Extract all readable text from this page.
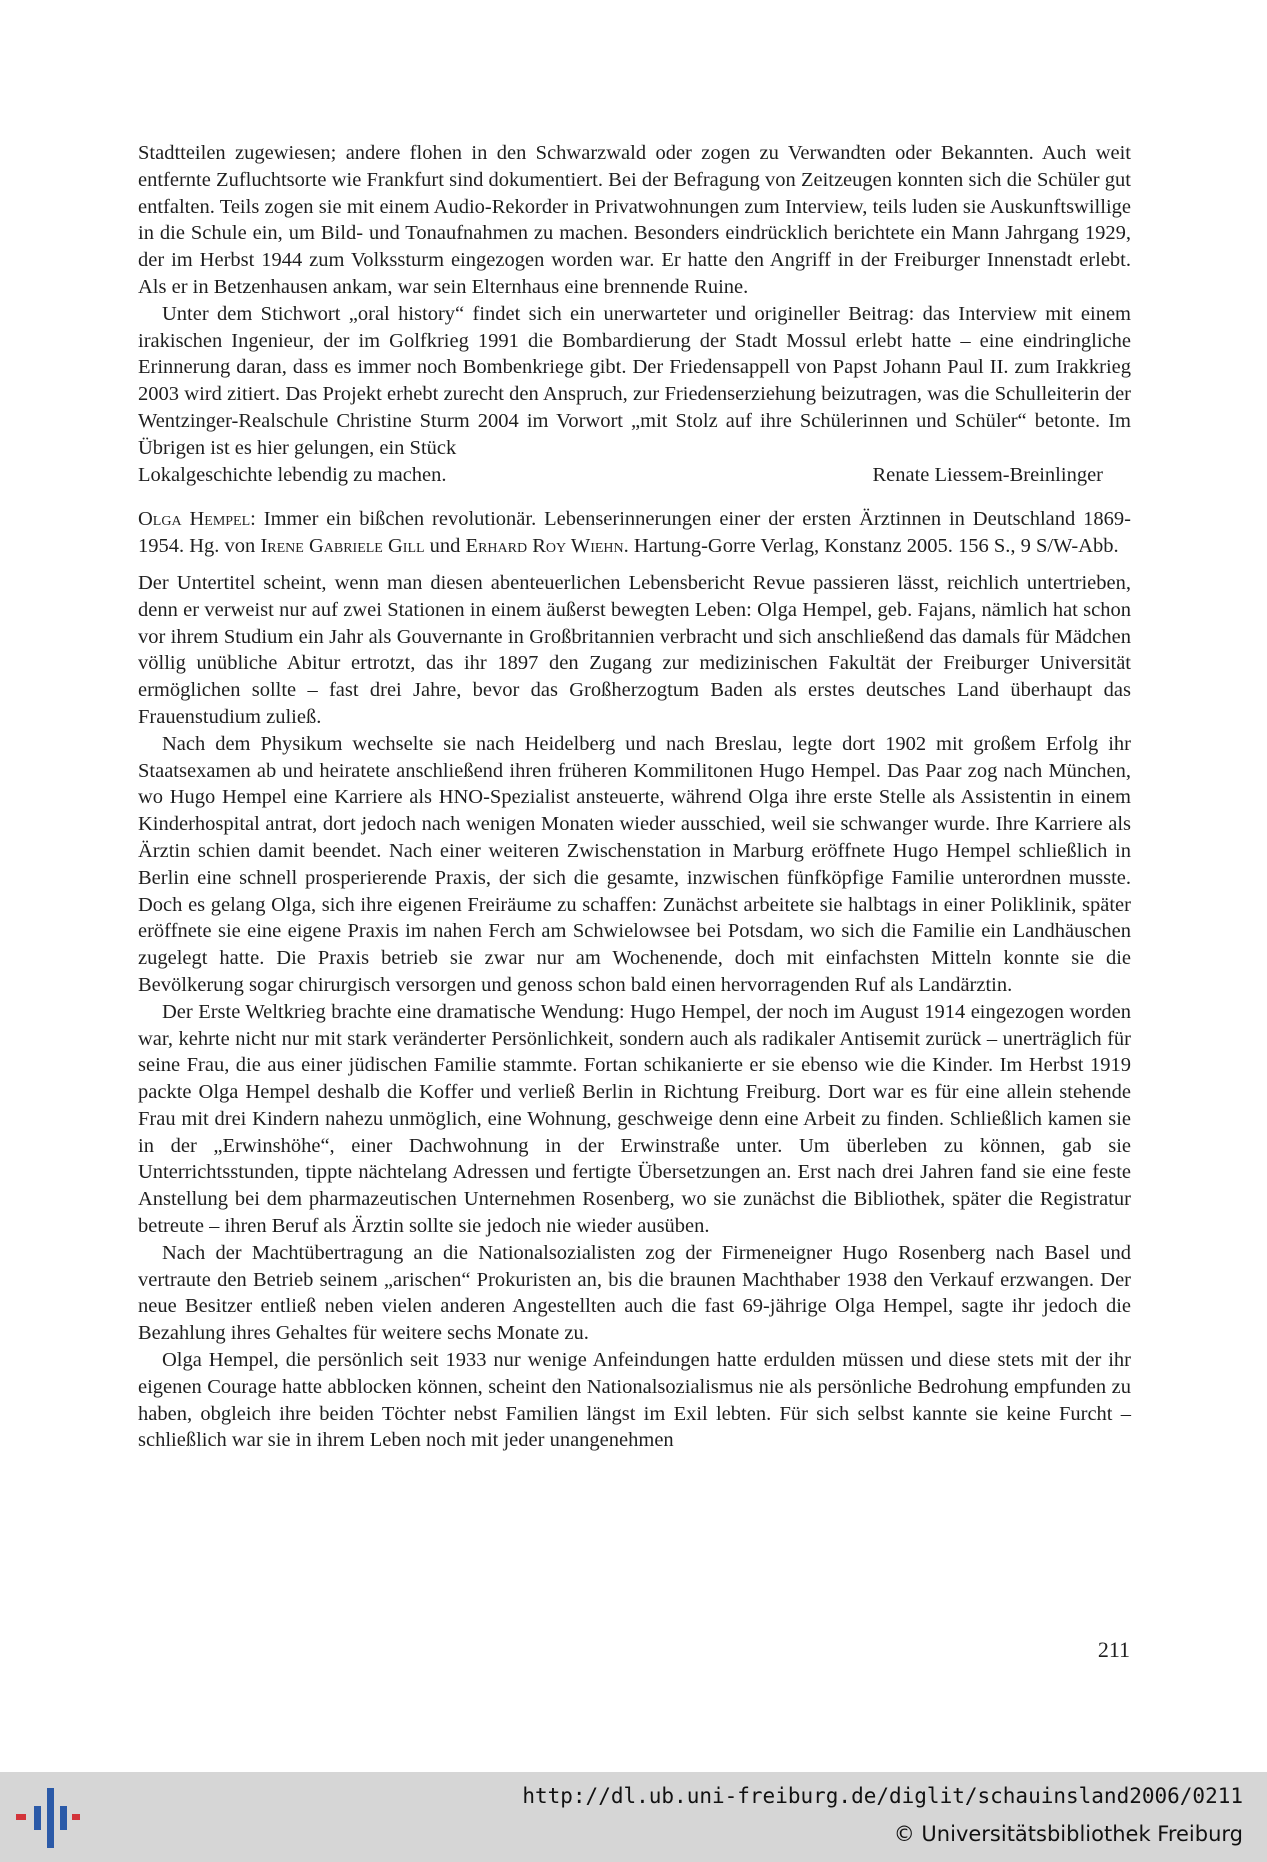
Stadtteilen zugewiesen; andere flohen in den Schwarzwald oder zogen zu Verwandten oder Bekannten. Auch weit entfernte Zufluchtsorte wie Frankfurt sind dokumentiert. Bei der Befragung von Zeitzeugen konnten sich die Schüler gut entfalten. Teils zogen sie mit einem Audio-Rekorder in Privatwohnungen zum Interview, teils luden sie Auskunftswillige in die Schule ein, um Bild- und Tonaufnahmen zu machen. Besonders eindrücklich berichtete ein Mann Jahrgang 1929, der im Herbst 1944 zum Volkssturm eingezogen worden war. Er hatte den Angriff in der Freiburger Innenstadt erlebt. Als er in Betzenhausen ankam, war sein Elternhaus eine brennende Ruine.

Unter dem Stichwort „oral history“ findet sich ein unerwarteter und origineller Beitrag: das Interview mit einem irakischen Ingenieur, der im Golfkrieg 1991 die Bombardierung der Stadt Mossul erlebt hatte – eine eindringliche Erinnerung daran, dass es immer noch Bombenkriege gibt. Der Friedensappell von Papst Johann Paul II. zum Irakkrieg 2003 wird zitiert. Das Projekt erhebt zurecht den Anspruch, zur Friedenserziehung beizutragen, was die Schulleiterin der Wentzinger-Realschule Christine Sturm 2004 im Vorwort „mit Stolz auf ihre Schülerinnen und Schüler“ betonte. Im Übrigen ist es hier gelungen, ein Stück

Lokalgeschichte lebendig zu machen.	Renate Liessem-Breinlinger

Olga Hempel: Immer ein bißchen revolutionär. Lebenserinnerungen einer der ersten Ärztinnen in Deutschland 1869-1954. Hg. von Irene Gabriele Gill und Erhard Roy Wiehn. Hartung-Gorre Verlag, Konstanz 2005. 156 S., 9 S/W-Abb.

Der Untertitel scheint, wenn man diesen abenteuerlichen Lebensbericht Revue passieren lässt, reichlich untertrieben, denn er verweist nur auf zwei Stationen in einem äußerst bewegten Leben: Olga Hempel, geb. Fajans, nämlich hat schon vor ihrem Studium ein Jahr als Gouvernante in Großbritannien verbracht und sich anschließend das damals für Mädchen völlig unübliche Abitur ertrotzt, das ihr 1897 den Zugang zur medizinischen Fakultät der Freiburger Universität ermöglichen sollte – fast drei Jahre, bevor das Großherzogtum Baden als erstes deutsches Land überhaupt das Frauenstudium zuließ.

Nach dem Physikum wechselte sie nach Heidelberg und nach Breslau, legte dort 1902 mit großem Erfolg ihr Staatsexamen ab und heiratete anschließend ihren früheren Kommilitonen Hugo Hempel. Das Paar zog nach München, wo Hugo Hempel eine Karriere als HNO-Spezialist ansteuerte, während Olga ihre erste Stelle als Assistentin in einem Kinderhospital antrat, dort jedoch nach wenigen Monaten wieder ausschied, weil sie schwanger wurde. Ihre Karriere als Ärztin schien damit beendet. Nach einer weiteren Zwischenstation in Marburg eröffnete Hugo Hempel schließlich in Berlin eine schnell prosperierende Praxis, der sich die gesamte, inzwischen fünfköpfige Familie unterordnen musste. Doch es gelang Olga, sich ihre eigenen Freiräume zu schaffen: Zunächst arbeitete sie halbtags in einer Poliklinik, später eröffnete sie eine eigene Praxis im nahen Ferch am Schwielowsee bei Potsdam, wo sich die Familie ein Landhäuschen zugelegt hatte. Die Praxis betrieb sie zwar nur am Wochenende, doch mit einfachsten Mitteln konnte sie die Bevölkerung sogar chirurgisch versorgen und genoss schon bald einen hervorragenden Ruf als Landärztin.

Der Erste Weltkrieg brachte eine dramatische Wendung: Hugo Hempel, der noch im August 1914 eingezogen worden war, kehrte nicht nur mit stark veränderter Persönlichkeit, sondern auch als radikaler Antisemit zurück – unerträglich für seine Frau, die aus einer jüdischen Familie stammte. Fortan schikanierte er sie ebenso wie die Kinder. Im Herbst 1919 packte Olga Hempel deshalb die Koffer und verließ Berlin in Richtung Freiburg. Dort war es für eine allein stehende Frau mit drei Kindern nahezu unmöglich, eine Wohnung, geschweige denn eine Arbeit zu finden. Schließlich kamen sie in der „Erwinshöhe“, einer Dachwohnung in der Erwinstraße unter. Um überleben zu können, gab sie Unterrichtsstunden, tippte nächtelang Adressen und fertigte Übersetzungen an. Erst nach drei Jahren fand sie eine feste Anstellung bei dem pharmazeutischen Unternehmen Rosenberg, wo sie zunächst die Bibliothek, später die Registratur betreute – ihren Beruf als Ärztin sollte sie jedoch nie wieder ausüben.

Nach der Machtübertragung an die Nationalsozialisten zog der Firmeneigner Hugo Rosenberg nach Basel und vertraute den Betrieb seinem „arischen“ Prokuristen an, bis die braunen Machthaber 1938 den Verkauf erzwangen. Der neue Besitzer entließ neben vielen anderen Angestellten auch die fast 69-jährige Olga Hempel, sagte ihr jedoch die Bezahlung ihres Gehaltes für weitere sechs Monate zu.

Olga Hempel, die persönlich seit 1933 nur wenige Anfeindungen hatte erdulden müssen und diese stets mit der ihr eigenen Courage hatte abblocken können, scheint den Nationalsozialismus nie als persönliche Bedrohung empfunden zu haben, obgleich ihre beiden Töchter nebst Familien längst im Exil lebten. Für sich selbst kannte sie keine Furcht – schließlich war sie in ihrem Leben noch mit jeder unangenehmen

211
http://dl.ub.uni-freiburg.de/diglit/schauinsland2006/0211
© Universitätsbibliothek Freiburg
